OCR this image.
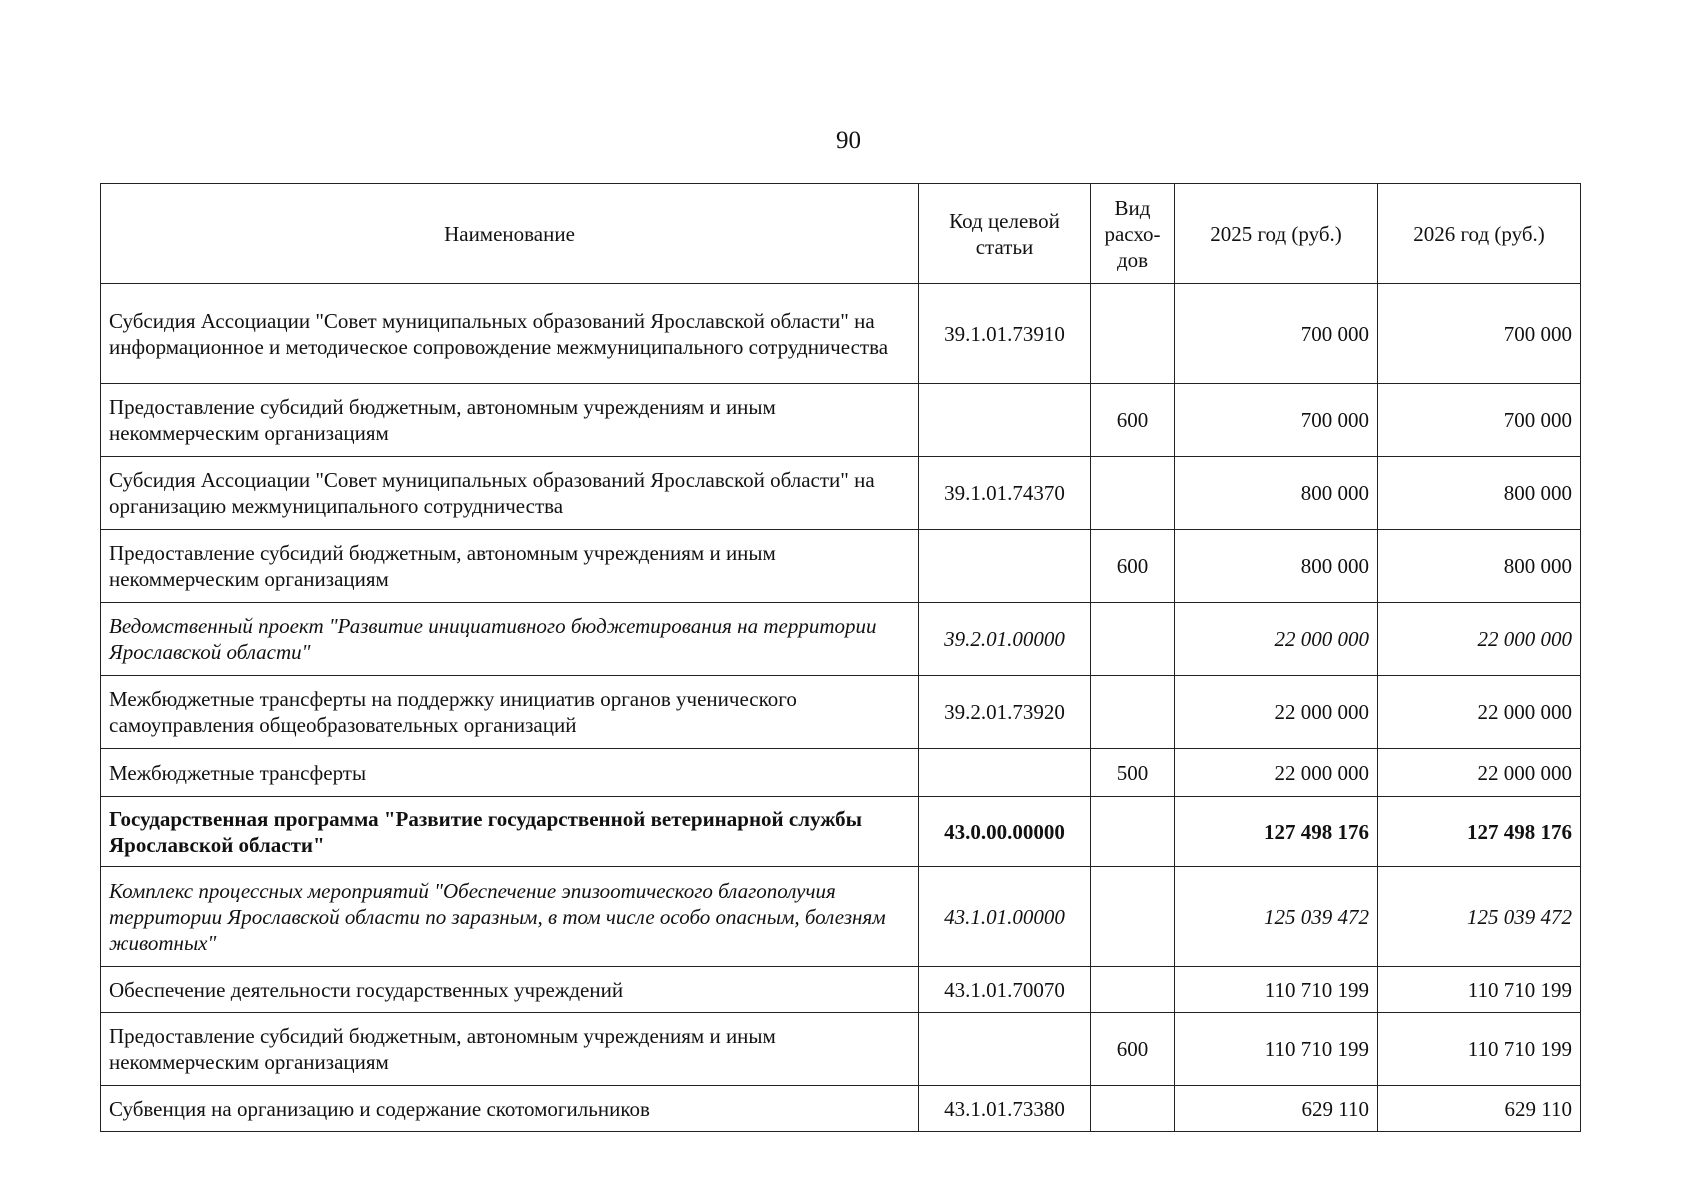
90
Наименование	Код целевой статьи	Вид расхо-дов	2025 год (руб.)	2026 год (руб.)
Субсидия Ассоциации "Совет муниципальных образований Ярославской области" на информационное и методическое сопровождение межмуниципального сотрудничества	39.1.01.73910		700 000	700 000
Предоставление субсидий бюджетным, автономным учреждениям и иным некоммерческим организациям		600	700 000	700 000
Субсидия Ассоциации "Совет муниципальных образований Ярославской области" на организацию межмуниципального сотрудничества	39.1.01.74370		800 000	800 000
Предоставление субсидий бюджетным, автономным учреждениям и иным некоммерческим организациям		600	800 000	800 000
Ведомственный проект "Развитие инициативного бюджетирования на территории Ярославской области"	39.2.01.00000		22 000 000	22 000 000
Межбюджетные трансферты на поддержку инициатив органов ученического самоуправления общеобразовательных организаций	39.2.01.73920		22 000 000	22 000 000
Межбюджетные трансферты		500	22 000 000	22 000 000
Государственная программа "Развитие государственной ветеринарной службы Ярославской области"	43.0.00.00000		127 498 176	127 498 176
Комплекс процессных мероприятий "Обеспечение эпизоотического благополучия территории Ярославской области по заразным, в том числе особо опасным, болезням животных"	43.1.01.00000		125 039 472	125 039 472
Обеспечение деятельности государственных учреждений	43.1.01.70070		110 710 199	110 710 199
Предоставление субсидий бюджетным, автономным учреждениям и иным некоммерческим организациям		600	110 710 199	110 710 199
Субвенция на организацию и содержание скотомогильников	43.1.01.73380		629 110	629 110
